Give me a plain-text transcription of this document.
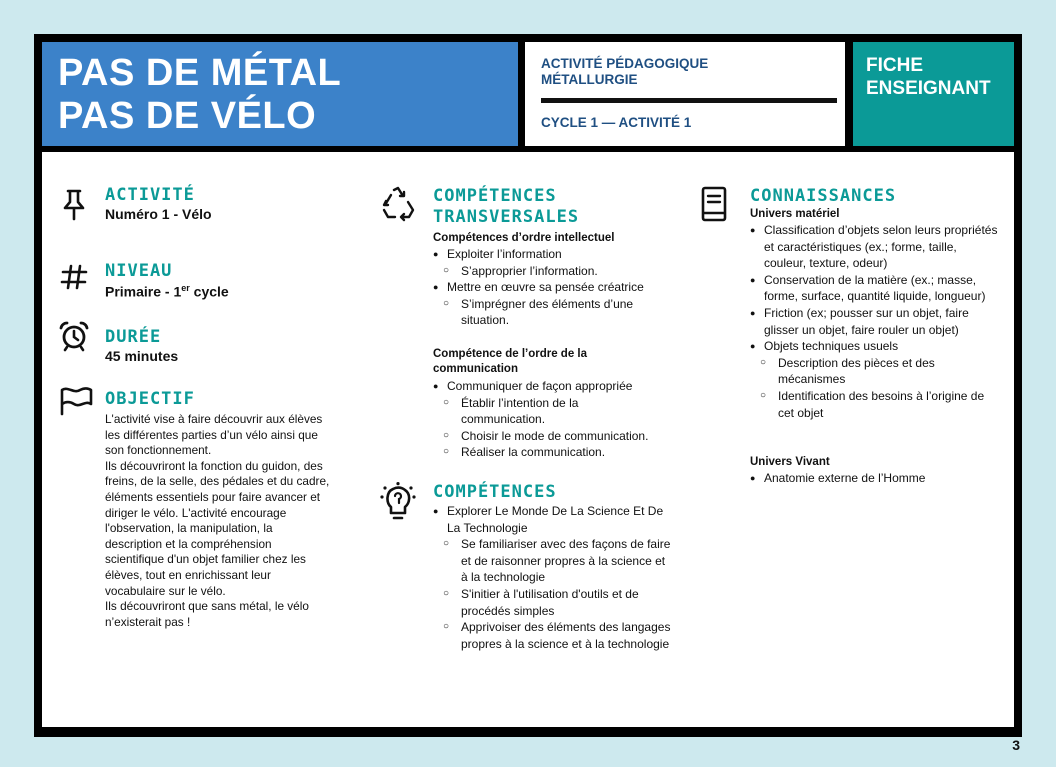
PAS DE MÉTAL
PAS DE VÉLO
ACTIVITÉ PÉDAGOGIQUE
MÉTALLURGIE
CYCLE 1 — ACTIVITÉ 1
FICHE
ENSEIGNANT
ACTIVITÉ
Numéro 1 - Vélo
NIVEAU
Primaire - 1er cycle
DURÉE
45 minutes
OBJECTIF
L'activité vise à faire découvrir aux élèves
les différentes parties d’un vélo ainsi que
son fonctionnement.
Ils découvriront la fonction du guidon, des
freins, de la selle, des pédales et du cadre,
éléments essentiels pour faire avancer et
diriger le vélo. L'activité encourage
l'observation, la manipulation, la
description et la compréhension
scientifique d'un objet familier chez les
élèves, tout en enrichissant leur
vocabulaire sur le vélo.
Ils découvriront que sans métal, le vélo
n’existerait pas !
COMPÉTENCES
TRANSVERSALES
Compétences d’ordre intellectuel
● Exploiter l’information
○ S’approprier l’information.
● Mettre en œuvre sa pensée créatrice
○ S’imprégner des éléments d’une situation.
Compétence de l’ordre de la
communication
● Communiquer de façon appropriée
○ Établir l’intention de la communication.
○ Choisir le mode de communication.
○ Réaliser la communication.
COMPÉTENCES
● Explorer Le Monde De La Science Et De La Technologie
○ Se familiariser avec des façons de faire et de raisonner propres à la science et à la technologie
○ S'initier à l'utilisation d'outils et de procédés simples
○ Apprivoiser des éléments des langages propres à la science et à la technologie
CONNAISSANCES
Univers matériel
● Classification d’objets selon leurs propriétés et caractéristiques (ex.; forme, taille, couleur, texture, odeur)
● Conservation de la matière (ex.; masse, forme, surface, quantité liquide, longueur)
● Friction (ex; pousser sur un objet, faire glisser un objet, faire rouler un objet)
● Objets techniques usuels
○ Description des pièces et des mécanismes
○ Identification des besoins à l’origine de cet objet
Univers Vivant
● Anatomie externe de l’Homme
3
